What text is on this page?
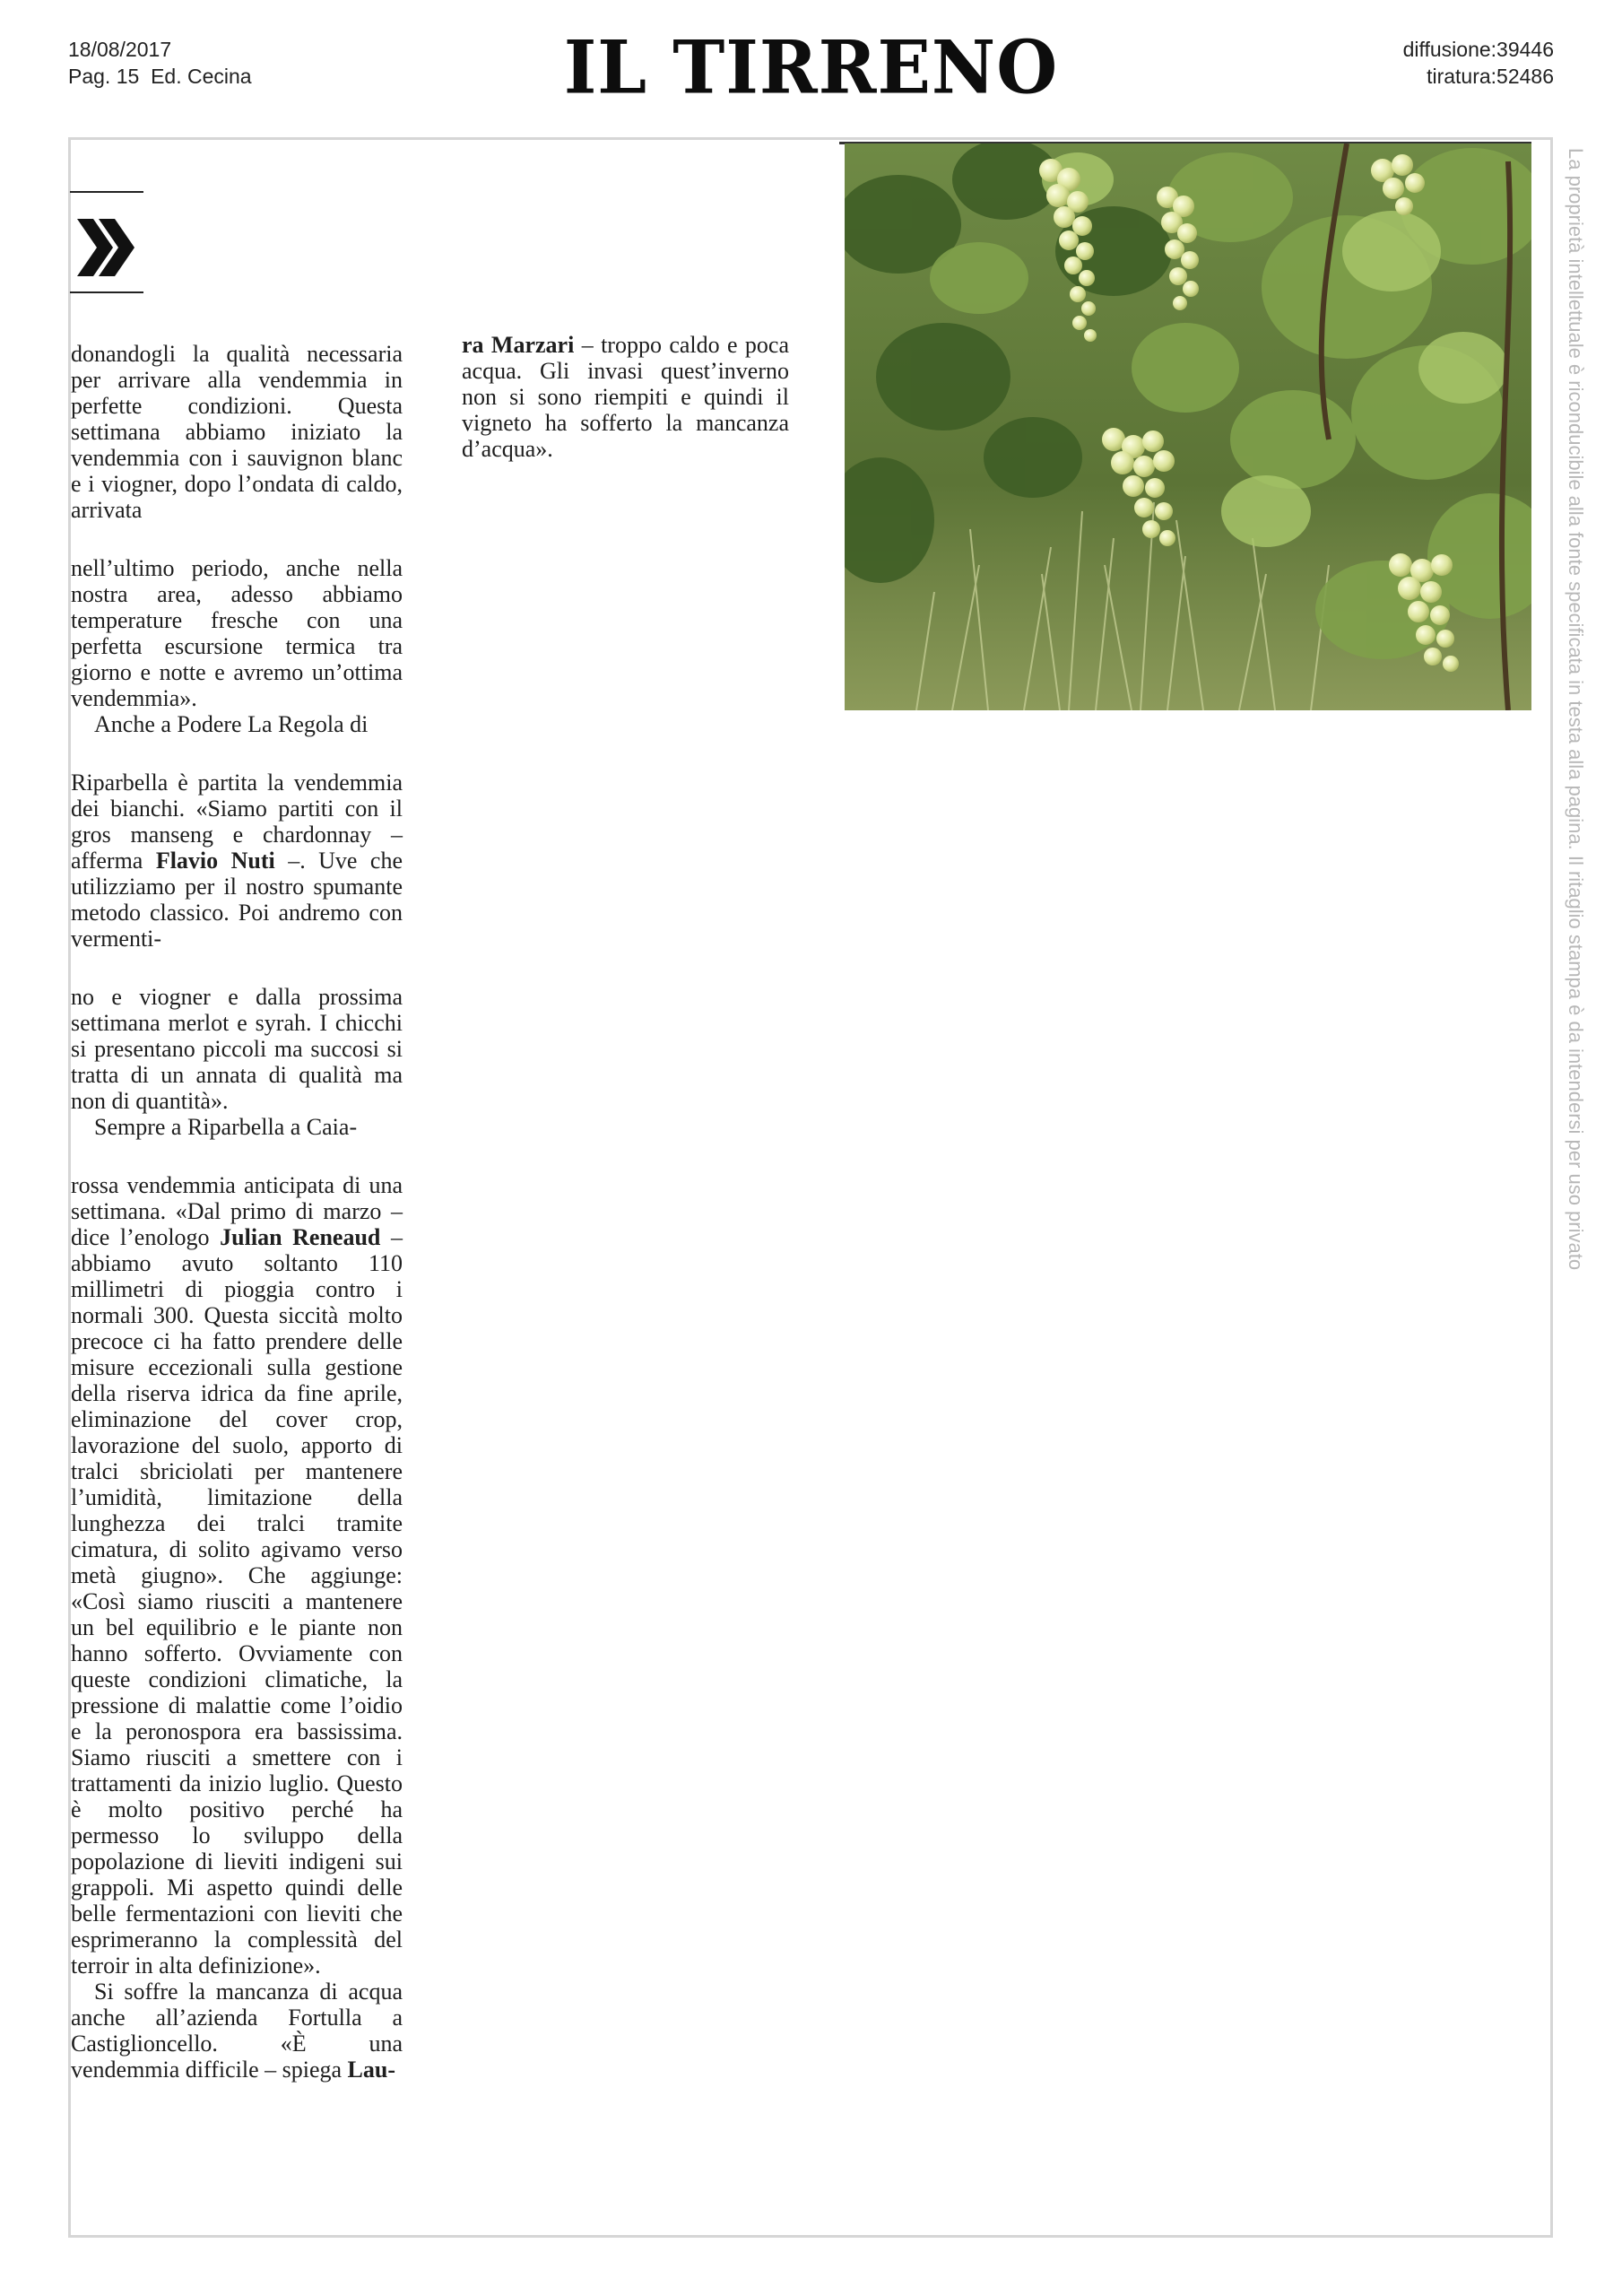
18/08/2017
Pag. 15 Ed. Cecina	IL TIRRENO	diffusione:39446
tiratura:52486

donandogli la qualità necessaria per arrivare alla vendemmia in perfette condizioni. Questa settimana abbiamo iniziato la vendemmia con i sauvignon blanc e i viogner, dopo l’ondata di caldo, arrivata

nell’ultimo periodo, anche nella nostra area, adesso abbiamo temperature fresche con una perfetta escursione termica tra giorno e notte e avremo un’ottima vendemmia».

Anche a Podere La Regola di

Riparbella è partita la vendemmia dei bianchi. «Siamo partiti con il gros manseng e chardonnay – afferma Flavio Nuti –. Uve che utilizziamo per il nostro spumante metodo classico. Poi andremo con vermenti-

no e viogner e dalla prossima settimana merlot e syrah. I chicchi si presentano piccoli ma succosi si tratta di un annata di qualità ma non di quantità».

Sempre a Riparbella a Caia-

rossa vendemmia anticipata di una settimana. «Dal primo di marzo – dice l’enologo Julian Reneaud – abbiamo avuto soltanto 110 millimetri di pioggia contro i normali 300. Questa siccità molto precoce ci ha fatto prendere delle misure eccezionali sulla gestione della riserva idrica da fine aprile, eliminazione del cover crop, lavorazione del suolo, apporto di tralci sbriciolati per mantenere l’umidità, limitazione della lunghezza dei tralci tramite cimatura, di solito agivamo verso metà giugno». Che aggiunge: «Così siamo riusciti a mantenere un bel equilibrio e le piante non hanno sofferto. Ovviamente con queste condizioni climatiche, la pressione di malattie come l’oidio e la peronospora era bassissima. Siamo riusciti a smettere con i trattamenti da inizio luglio. Questo è molto positivo perché ha permesso lo sviluppo della popolazione di lieviti indigeni sui grappoli. Mi aspetto quindi delle belle fermentazioni con lieviti che esprimeranno la complessità del terroir in alta definizione».

Si soffre la mancanza di acqua anche all’azienda Fortulla a Castiglioncello. «È una vendemmia difficile – spiega Lau-

ra Marzari – troppo caldo e poca acqua. Gli invasi quest’inverno non si sono riempiti e quindi il vigneto ha sofferto la mancanza d’acqua».	La proprietà intellettuale è riconducibile alla fonte specificata in testa alla pagina. Il ritaglio stampa è da intendersi per uso privato
